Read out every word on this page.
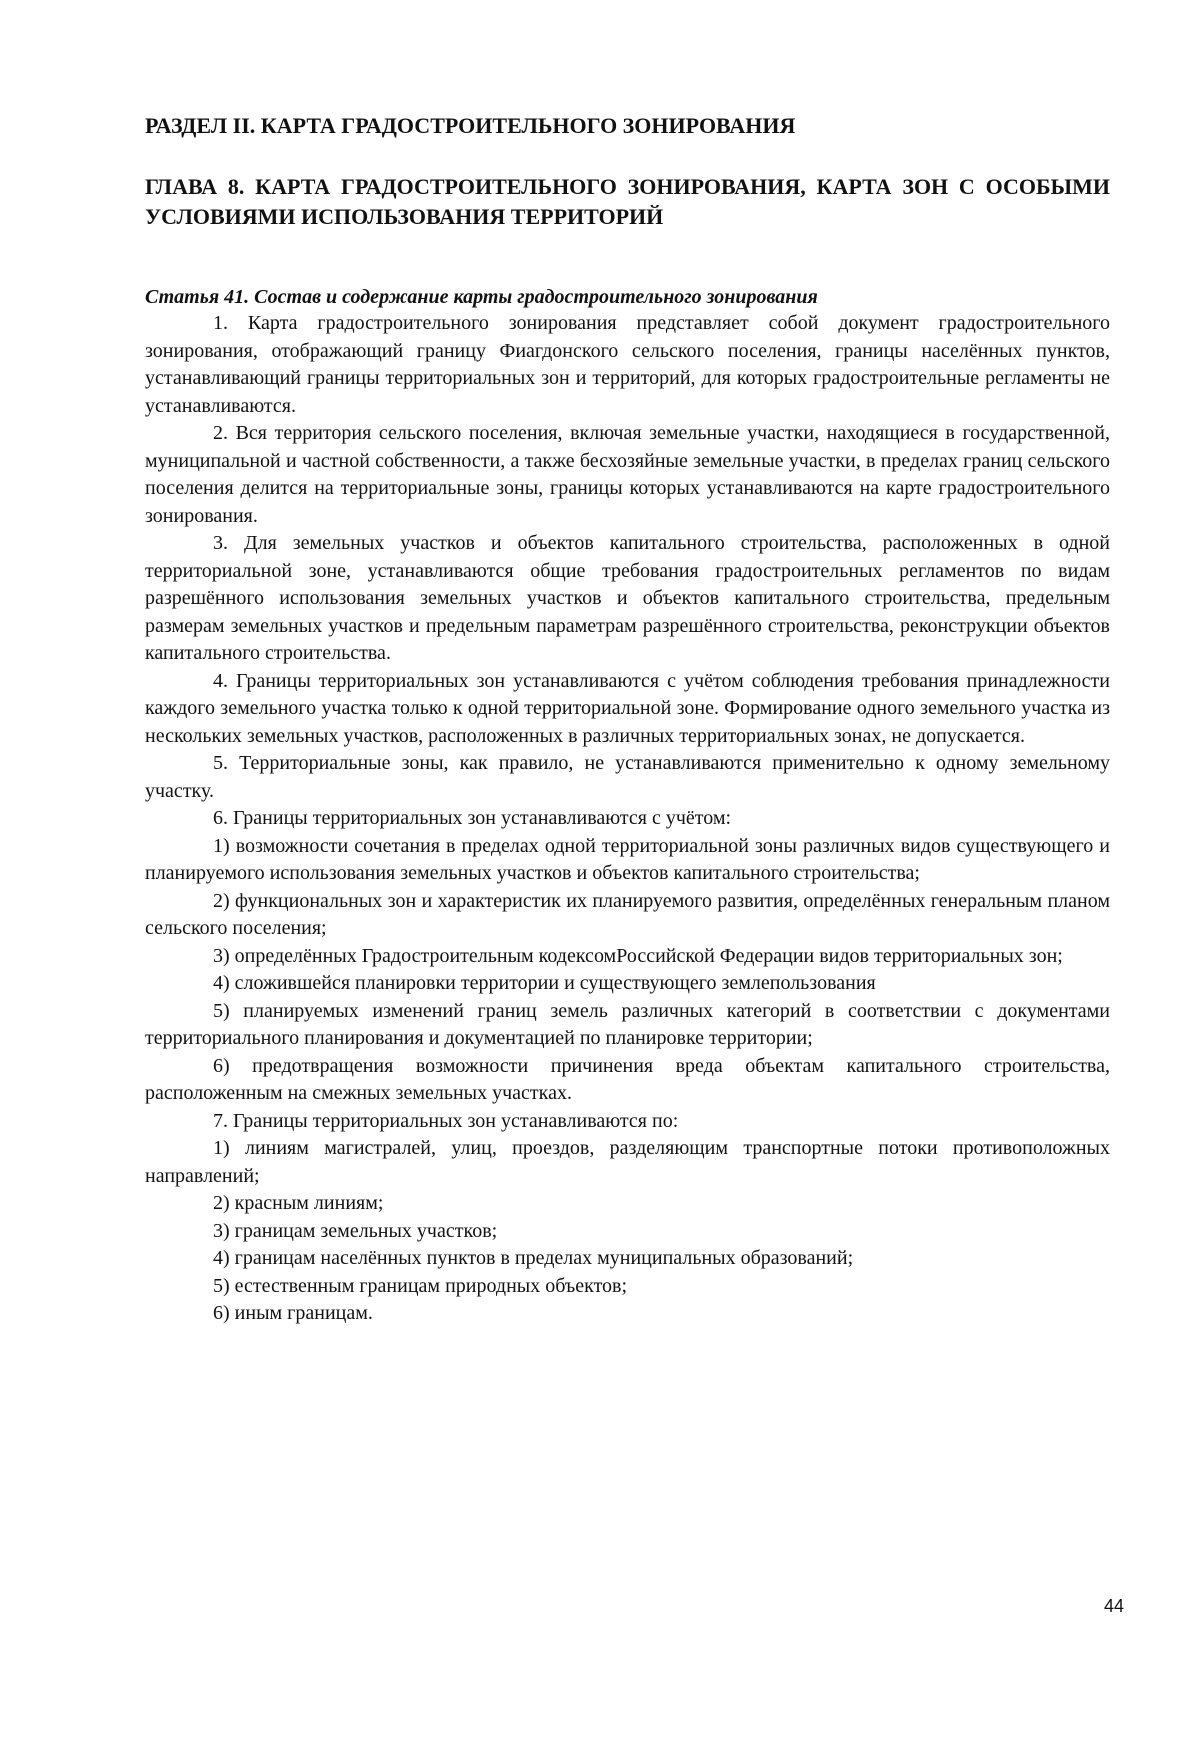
РАЗДЕЛ II. КАРТА ГРАДОСТРОИТЕЛЬНОГО ЗОНИРОВАНИЯ
ГЛАВА 8. КАРТА ГРАДОСТРОИТЕЛЬНОГО ЗОНИРОВАНИЯ, КАРТА ЗОН С ОСОБЫМИ УСЛОВИЯМИ ИСПОЛЬЗОВАНИЯ ТЕРРИТОРИЙ
Статья 41. Состав и содержание карты градостроительного зонирования

1. Карта градостроительного зонирования представляет собой документ градостроительного зонирования, отображающий границу Фиагдонского сельского поселения, границы населённых пунктов, устанавливающий границы территориальных зон и территорий, для которых градостроительные регламенты не устанавливаются.

2. Вся территория сельского поселения, включая земельные участки, находящиеся в государственной, муниципальной и частной собственности, а также бесхозяйные земельные участки, в пределах границ сельского поселения делится на территориальные зоны, границы которых устанавливаются на карте градостроительного зонирования.

3. Для земельных участков и объектов капитального строительства, расположенных в одной территориальной зоне, устанавливаются общие требования градостроительных регламентов по видам разрешённого использования земельных участков и объектов капитального строительства, предельным размерам земельных участков и предельным параметрам разрешённого строительства, реконструкции объектов капитального строительства.

4. Границы территориальных зон устанавливаются с учётом соблюдения требования принадлежности каждого земельного участка только к одной территориальной зоне. Формирование одного земельного участка из нескольких земельных участков, расположенных в различных территориальных зонах, не допускается.

5. Территориальные зоны, как правило, не устанавливаются применительно к одному земельному участку.

6. Границы территориальных зон устанавливаются с учётом:

1) возможности сочетания в пределах одной территориальной зоны различных видов существующего и планируемого использования земельных участков и объектов капитального строительства;

2) функциональных зон и характеристик их планируемого развития, определённых генеральным планом сельского поселения;

3) определённых Градостроительным кодексомРоссийской Федерации видов территориальных зон;

4) сложившейся планировки территории и существующего землепользования

5) планируемых изменений границ земель различных категорий в соответствии с документами территориального планирования и документацией по планировке территории;

6) предотвращения возможности причинения вреда объектам капитального строительства, расположенным на смежных земельных участках.

7. Границы территориальных зон устанавливаются по:

1) линиям магистралей, улиц, проездов, разделяющим транспортные потоки противоположных направлений;

2) красным линиям;

3) границам земельных участков;

4) границам населённых пунктов в пределах муниципальных образований;

5) естественным границам природных объектов;

6) иным границам.

44
